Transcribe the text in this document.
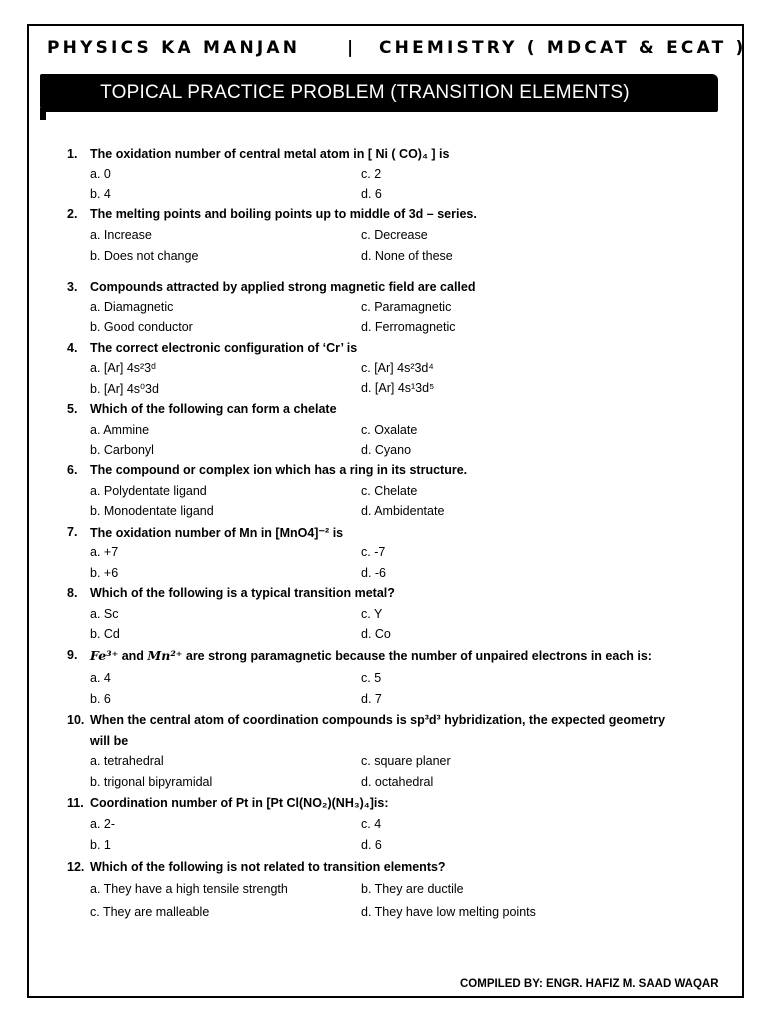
PHYSICS KA MANJAN	| CHEMISTRY ( MDCAT & ECAT )
TOPICAL PRACTICE PROBLEM (TRANSITION ELEMENTS)
1. The oxidation number of central metal atom in [ Ni ( CO)₄ ] is
a. 0	c. 2
b. 4	d. 6
2. The melting points and boiling points up to middle of 3d – series.
a. Increase	c. Decrease
b. Does not change	d. None of these
3. Compounds attracted by applied strong magnetic field are called
a. Diamagnetic	c. Paramagnetic
b. Good conductor	d. Ferromagnetic
4. The correct electronic configuration of ‘Cr’ is
a. [Ar] 4s²3ᵈ	c. [Ar] 4s²3d⁴
b. [Ar] 4s⁰3d	d. [Ar] 4s¹3d⁵
5. Which of the following can form a chelate
a. Ammine	c. Oxalate
b. Carbonyl	d. Cyano
6. The compound or complex ion which has a ring in its structure.
a. Polydentate ligand	c. Chelate
b. Monodentate ligand	d. Ambidentate
7. The oxidation number of Mn in [MnO4]⁻² is
a. +7	c. -7
b. +6	d. -6
8. Which of the following is a typical transition metal?
a. Sc	c. Y
b. Cd	d. Co
9. Fe³⁺ and Mn²⁺ are strong paramagnetic because the number of unpaired electrons in each is:
a. 4	c. 5
b. 6	d. 7
10. When the central atom of coordination compounds is sp³d³ hybridization, the expected geometry
will be
a. tetrahedral	c. square planer
b. trigonal bipyramidal	d. octahedral
11. Coordination number of Pt in [Pt Cl(NO₂)(NH₃)₄]is:
a. 2-	c. 4
b. 1	d. 6
12. Which of the following is not related to transition elements?
a. They have a high tensile strength	b. They are ductile
c. They are malleable	d. They have low melting points
COMPILED BY: ENGR. HAFIZ M. SAAD WAQAR
